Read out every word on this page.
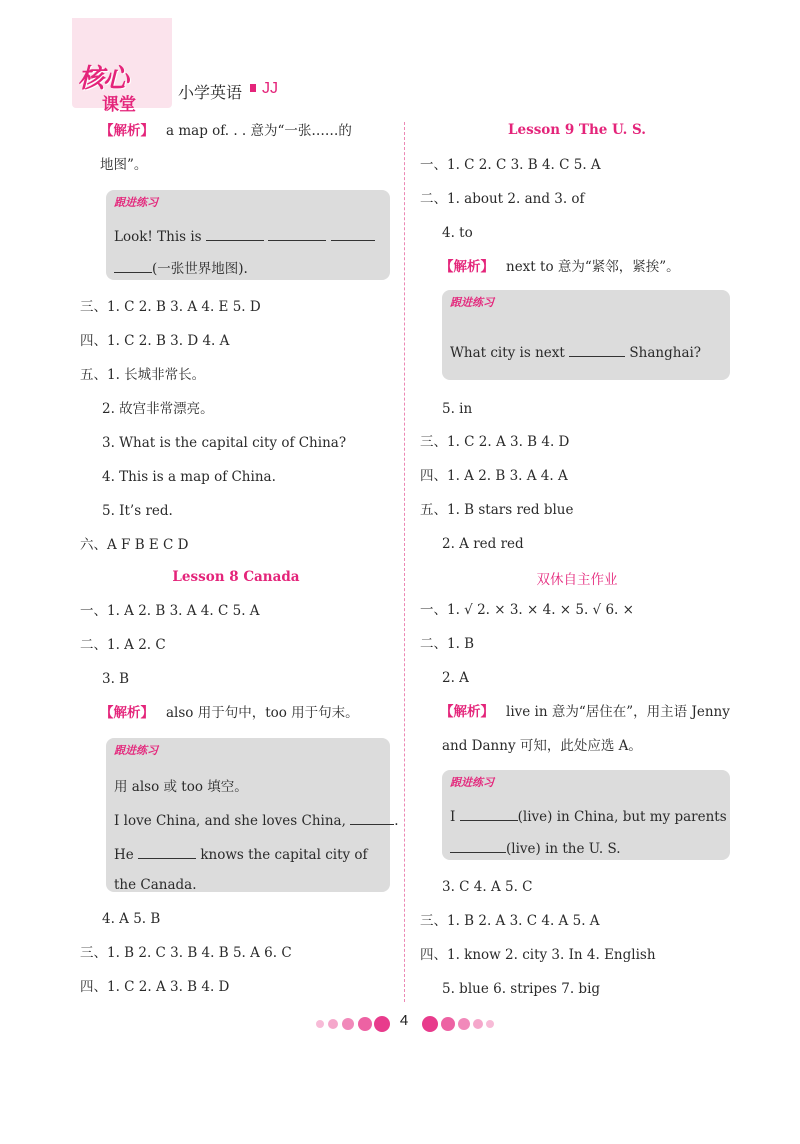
核心
课堂
小学英语 JJ
【解析】 a map of. . . 意为“一张……的
地图”。
跟进练习
Look! This is
(一张世界地图).
三、1. C 2. B 3. A 4. E 5. D
四、1. C 2. B 3. D 4. A
五、1. 长城非常长。
2. 故宫非常漂亮。
3. What is the capital city of China?
4. This is a map of China.
5. It’s red.
六、A F B E C D
Lesson 8 Canada
一、1. A 2. B 3. A 4. C 5. A
二、1. A 2. C
3. B
【解析】 also 用于句中，too 用于句末。
跟进练习
用 also 或 too 填空。
I love China, and she loves China,	.
He	knows the capital city of
the Canada.
4. A 5. B
三、1. B 2. C 3. B 4. B 5. A 6. C
四、1. C 2. A 3. B 4. D
Lesson 9 The U. S.
一、1. C 2. C 3. B 4. C 5. A
二、1. about 2. and 3. of
4. to
【解析】 next to 意为“紧邻，紧挨”。
跟进练习
What city is next	Shanghai?
5. in
三、1. C 2. A 3. B 4. D
四、1. A 2. B 3. A 4. A
五、1. B stars red blue
2. A red red
双休自主作业
一、1. √ 2. × 3. × 4. × 5. √ 6. ×
二、1. B
2. A
【解析】 live in 意为“居住在”，用主语 Jenny
and Danny 可知，此处应选 A。
跟进练习
I	(live) in China, but my parents
(live) in the U. S.
3. C 4. A 5. C
三、1. B 2. A 3. C 4. A 5. A
四、1. know 2. city 3. In 4. English
5. blue 6. stripes 7. big
4
